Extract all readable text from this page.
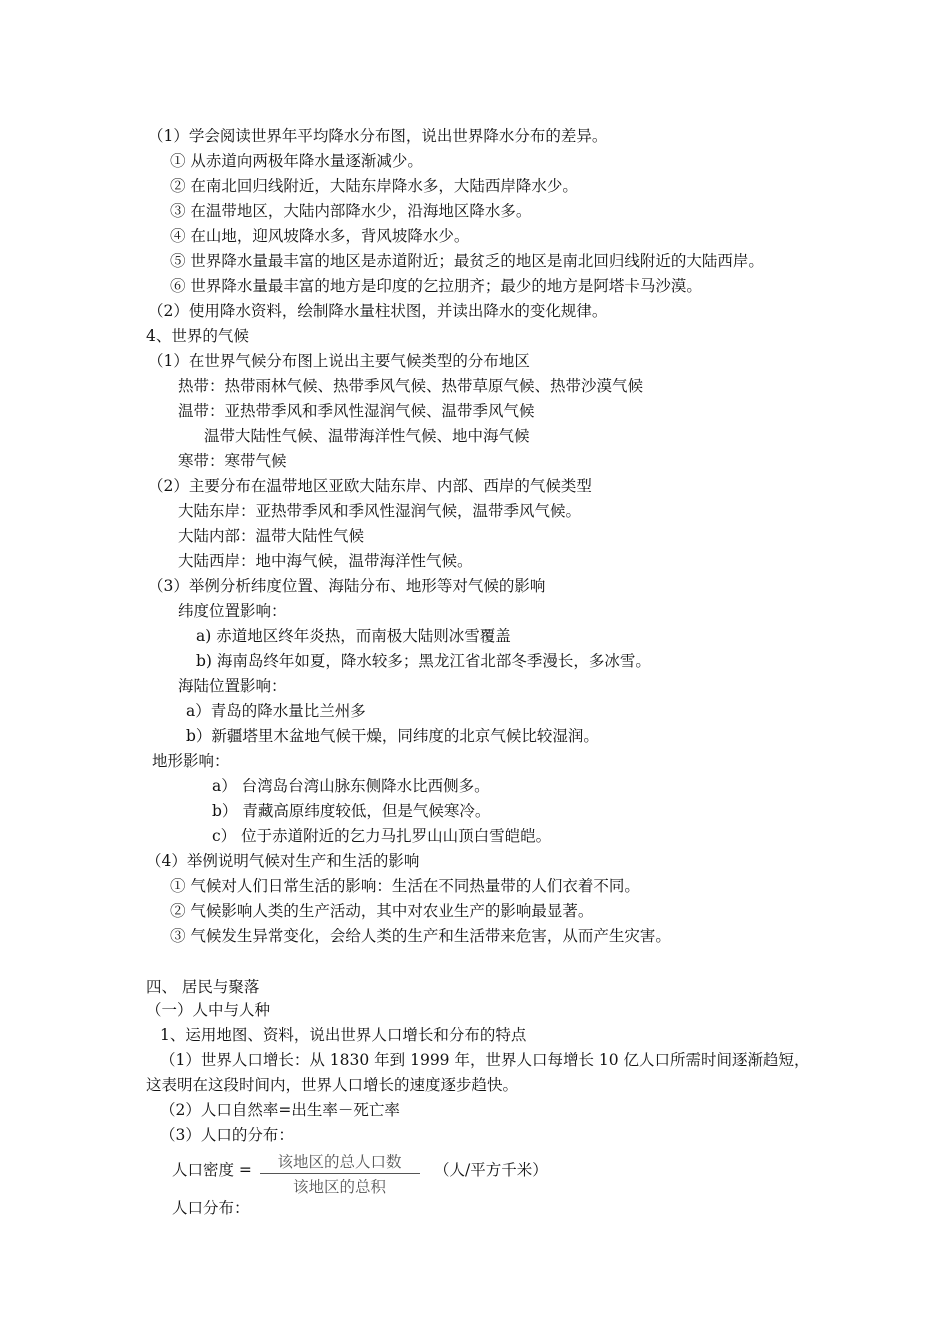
（1）学会阅读世界年平均降水分布图，说出世界降水分布的差异。
① 从赤道向两极年降水量逐渐减少。
② 在南北回归线附近，大陆东岸降水多，大陆西岸降水少。
③ 在温带地区，大陆内部降水少，沿海地区降水多。
④ 在山地，迎风坡降水多，背风坡降水少。
⑤ 世界降水量最丰富的地区是赤道附近；最贫乏的地区是南北回归线附近的大陆西岸。
⑥ 世界降水量最丰富的地方是印度的乞拉朋齐；最少的地方是阿塔卡马沙漠。
（2）使用降水资料，绘制降水量柱状图，并读出降水的变化规律。
4、世界的气候
（1）在世界气候分布图上说出主要气候类型的分布地区
热带：热带雨林气候、热带季风气候、热带草原气候、热带沙漠气候
温带：亚热带季风和季风性湿润气候、温带季风气候
温带大陆性气候、温带海洋性气候、地中海气候
寒带：寒带气候
（2）主要分布在温带地区亚欧大陆东岸、内部、西岸的气候类型
大陆东岸：亚热带季风和季风性湿润气候，温带季风气候。
大陆内部：温带大陆性气候
大陆西岸：地中海气候，温带海洋性气候。
（3）举例分析纬度位置、海陆分布、地形等对气候的影响
纬度位置影响：
a) 赤道地区终年炎热，而南极大陆则冰雪覆盖
b) 海南岛终年如夏，降水较多；黑龙江省北部冬季漫长，多冰雪。
海陆位置影响：
a）青岛的降水量比兰州多
b）新疆塔里木盆地气候干燥，同纬度的北京气候比较湿润。
地形影响：
a） 台湾岛台湾山脉东侧降水比西侧多。
b） 青藏高原纬度较低，但是气候寒冷。
c） 位于赤道附近的乞力马扎罗山山顶白雪皑皑。
（4）举例说明气候对生产和生活的影响
① 气候对人们日常生活的影响：生活在不同热量带的人们衣着不同。
② 气候影响人类的生产活动，其中对农业生产的影响最显著。
③ 气候发生异常变化，会给人类的生产和生活带来危害，从而产生灾害。
四、 居民与聚落
（一）人中与人种
1、运用地图、资料，说出世界人口增长和分布的特点
（1）世界人口增长：从 1830 年到 1999 年，世界人口每增长 10 亿人口所需时间逐渐趋短，
这表明在这段时间内，世界人口增长的速度逐步趋快。
（2）人口自然率=出生率－死亡率
（3）人口的分布：
人口密度 =	该地区的总人口数
该地区的总积
（人/平方千米）
人口分布：
